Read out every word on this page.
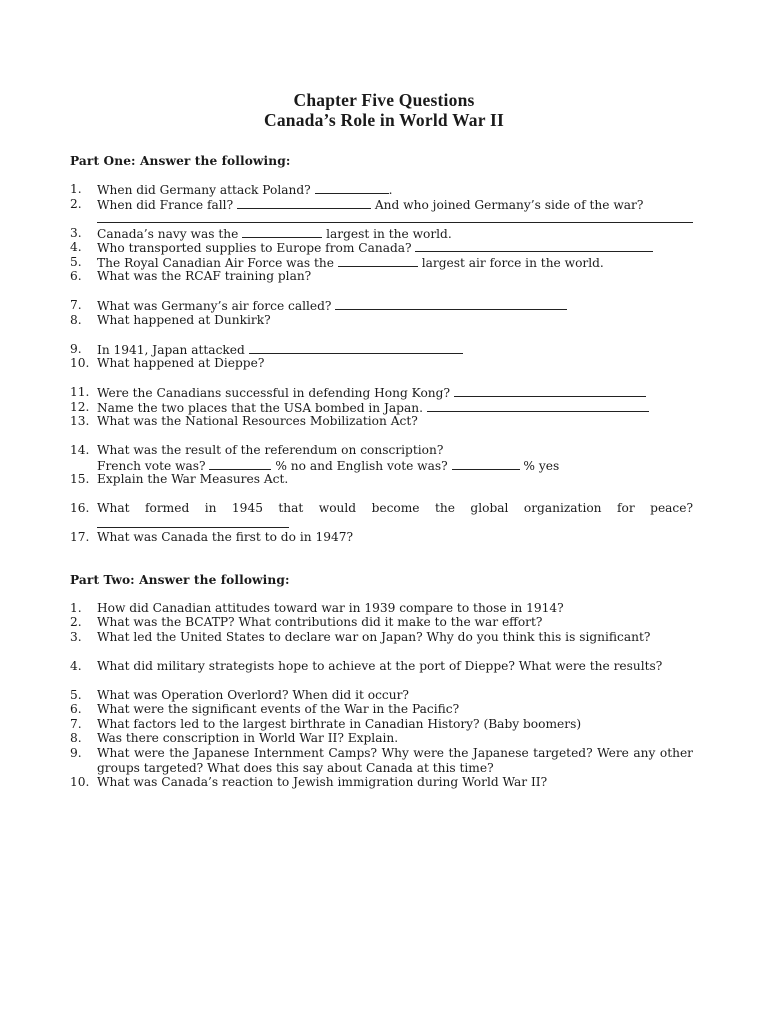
Chapter Five Questions
Canada’s Role in World War II
Part One: Answer the following:
1.	When did Germany attack Poland?	.
2.	When did France fall?	And who joined Germany’s side of the war?
3.	Canada’s navy was the	largest in the world.
4.	Who transported supplies to Europe from Canada?
5.	The Royal Canadian Air Force was the	largest air force in the world.
6.	What was the RCAF training plan?
7.	What was Germany’s air force called?
8.	What happened at Dunkirk?
9.	In 1941, Japan attacked
10. What happened at Dieppe?
11. Were the Canadians successful in defending Hong Kong?
12. Name the two places that the USA bombed in Japan.
13. What was the National Resources Mobilization Act?
14. What was the result of the referendum on conscription?
French vote was?	% no and English vote was?	% yes
15. Explain the War Measures Act.
16. What formed in 1945 that would become the global organization for peace?
17. What was Canada the first to do in 1947?
Part Two: Answer the following:
1.	How did Canadian attitudes toward war in 1939 compare to those in 1914?
2.	What was the BCATP? What contributions did it make to the war effort?
3.	What led the United States to declare war on Japan? Why do you think this is significant?
4.	What did military strategists hope to achieve at the port of Dieppe? What were the results?
5.	What was Operation Overlord? When did it occur?
6.	What were the significant events of the War in the Pacific?
7.	What factors led to the largest birthrate in Canadian History? (Baby boomers)
8.	Was there conscription in World War II? Explain.
9.	What were the Japanese Internment Camps? Why were the Japanese targeted? Were any other groups targeted? What does this say about Canada at this time?
10. What was Canada’s reaction to Jewish immigration during World War II?
